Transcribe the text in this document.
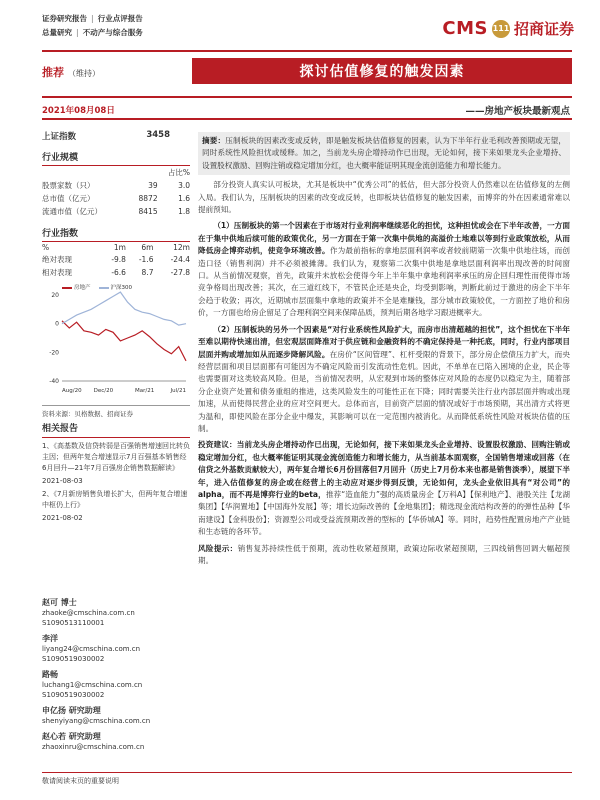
证券研究报告 | 行业点评报告
总量研究 | 不动产与综合服务	CMS 111 招商证券
推荐 （维持）	探讨估值修复的触发因素
2021年08月08日	——房地产板块最新观点
上证指数	3458
行业规模
		占比%
股票家数（只）	39	3.0
总市值（亿元）	8872	1.6
流通市值（亿元）	8415	1.8
行业指数
%	1m	6m	12m
绝对表现	-9.8	-1.6	-24.4
相对表现	-6.6	8.7	-27.8
房地产	沪深300
20
0
-20
-40
Aug/20 Dec/20	Mar/21	Jul/21
资料来源：贝格数据、招商证券
相关报告
1、《高基数及信贷转弱是百强销售增速回比转负主因；但两年复合增速显示7月百强基本销售经6月回升—21年7月百强房企销售数据解读》
2021-08-03
2、《7月新房销售负增长扩大，但两年复合增速中枢仍上行》
2021-08-02
赵可 博士
zhaoke@cmschina.com.cn
S1090513110001
李洋
liyang24@cmschina.com.cn
S1090519030002
路畅
luchang1@cmschina.com.cn
S1090519030002
申亿扬 研究助理
shenyiyang@cmschina.com.cn
赵心若 研究助理
zhaoxinru@cmschina.com.cn
摘要：压制板块的因素改变或反转，即是触发板块估值修复的因素，认为下半年行业毛利改善预期或无望，同时系统性风险担忧或缓释。加之，当前龙头房企增持动作已出现，无论如何，接下来如果龙头企业增持、设置股权激励、回购注销或稳定增加分红，也大概率能证明其现金流创造能力和增长能力。

部分投资人真实认可板块，尤其是板块中“优秀公司”的低估，但大部分投资人仍然难以在估值修复的左侧入局。我们认为，压制板块的因素的改变或反转，也即板块估值修复的触发因素，而博弈的外在因素通常难以提前预知。

（1）压制板块的第一个因素在于市场对行业利润率继续恶化的担忧，这种担忧或会在下半年改善，一方面在于集中供地后续可能的政策优化，另一方面在于第一次集中供地的高溢价土地难以等到行业政策放松，从而降低房企博弈动机，使竞争环境改善。作为最前指标的拿地层面利润率或者较前期第一次集中供地往场，而创造口径（销售利润）并不必须被摊薄。我们认为，观察第二次集中供地是拿地层面利润率出现改善的时间窗口。从当前情况观察，首先，政策并未放松会使得今年上半年集中拿地利润率承压的房企回归理性而使得市场竞争格局出现改善；其次，在三道红线下，不管民企还是央企，均受到影响，判断此前过于激进的房企下半年会趋于收敛；再次，近期城市层面集中拿地的政策并不全是难赚钱，部分城市政策较优，一方面控了地价和房价，一方面也给房企留足了合理利润空间来保障品质，预判后期各地学习跟进概率大。

（2）压制板块的另外一个因素是“对行业系统性风险扩大，而房市出清超越的担忧”，这个担忧在下半年至难以期待快速出清，但宏观层面降准对于供应链和金融资料的不确定保持是一种托底，同时，行业内部项目层面并购或增加如从而逐步降解风险。在房价“区间管理”、杠杆受限的背景下，部分房企偿债压力扩大，而央经营层面和项目层面都有可能因为不确定风险而引发流动性危机。因此，不单单在已陷入困境的企业，民企等也需要面对这类较高风险。但是，当前情况表明，从宏观到市场的整体应对风险的态度仍以稳定为主，随着部分企业资产处置和债务重组的推进，这类风险发生的可能性正在下降；同时需要关注行业内部层面并购或出现加速，从而使得民营企业的应对空间更大。总体而言，目前资产层面的情况或好于市场预期，其出清方式将更为温和，即使风险在部分企业中爆发，其影响可以在一定范围内被消化。从而降低系统性风险对板块估值的压制。

投资建议：当前龙头房企增持动作已出现，无论如何，接下来如果龙头企业增持、设置股权激励、回购注销或稳定增加分红，也大概率能证明其现金流创造能力和增长能力，从当前基本面观察，全国销售增速或回落（在信贷之外基数贡献较大），两年复合增长6月份回落但7月回升（历史上7月份本来也都是销售淡季），展望下半年，进入估值修复的房企或在经营上的主动应对逐步得到反馈，无论如何，龙头企业依旧具有“对公司”的alpha，而不再是博弈行业的beta，推荐“造血能力”强的高质量房企【万科A】【保利地产】、港股关注【龙湖集团】【华润置地】【中国海外发展】等；增长边际改善的【金地集团】；精选现金流结构改善的的弹性品种【华南建设】【金科股份】；资源型公司或受益流预期改善的型标的【华侨城A】等。同时，趋势性配置房地产产业链和生态链的各环节。

风险提示：销售复苏持续性低于预期，流动性收紧超预期，政策边际收紧超预期，三四线销售回调大幅超预期。

敬请阅读末页的重要说明
